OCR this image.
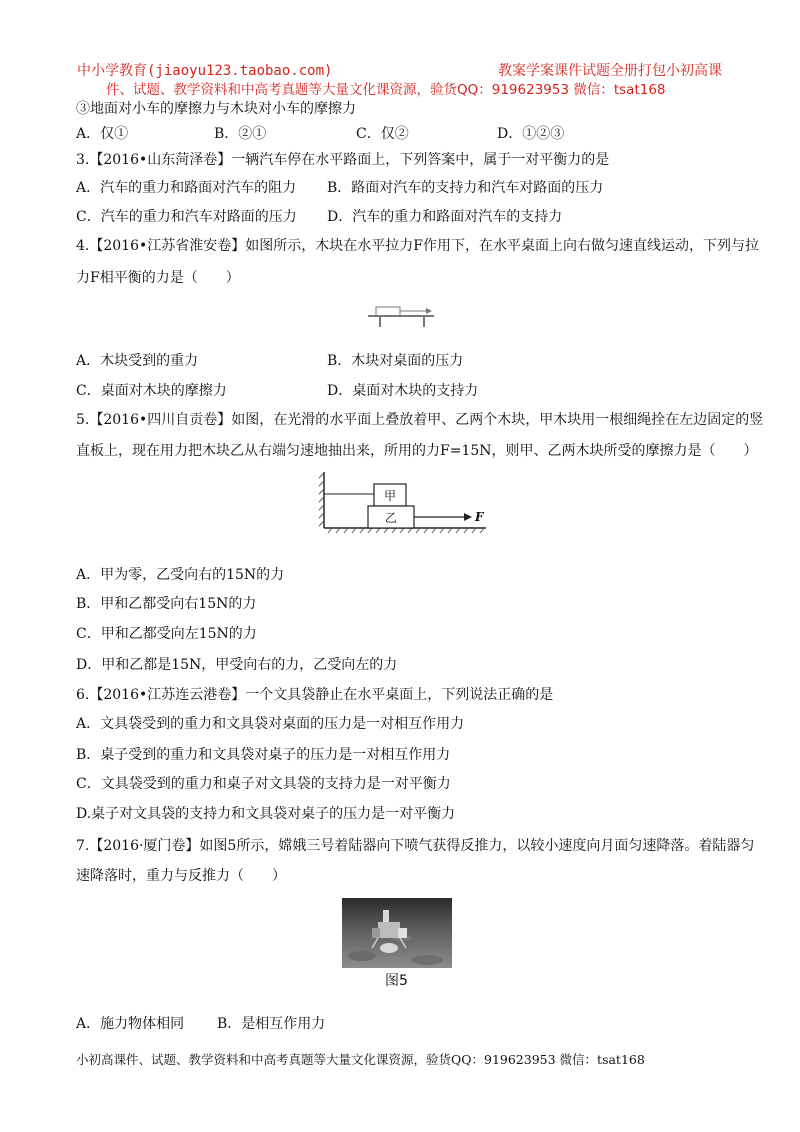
中小学教育(jiaoyu123.taobao.com)	教案学案课件试题全册打包小初高课
件、试题、教学资料和中高考真题等大量文化课资源，验货QQ：919623953 微信：tsat168
③地面对小车的摩擦力与木块对小车的摩擦力
A．仅①	B．②①	C．仅②	D．①②③
3.【2016•山东菏泽卷】一辆汽车停在水平路面上，下列答案中，属于一对平衡力的是
A．汽车的重力和路面对汽车的阻力 B．路面对汽车的支持力和汽车对路面的压力
C．汽车的重力和汽车对路面的压力 D．汽车的重力和路面对汽车的支持力
4.【2016•江苏省淮安卷】如图所示，木块在水平拉力F作用下，在水平桌面上向右做匀速直线运动，下列与拉
力F相平衡的力是（　　）
A．木块受到的重力	B．木块对桌面的压力
C．桌面对木块的摩擦力	D．桌面对木块的支持力
5.【2016•四川自贡卷】如图，在光滑的水平面上叠放着甲、乙两个木块，甲木块用一根细绳拴在左边固定的竖
直板上，现在用力把木块乙从右端匀速地抽出来，所用的力F=15N，则甲、乙两木块所受的摩擦力是（　　）
甲
乙	F
A．甲为零，乙受向右的15N的力
B．甲和乙都受向右15N的力
C．甲和乙都受向左15N的力
D．甲和乙都是15N，甲受向右的力，乙受向左的力
6.【2016•江苏连云港卷】一个文具袋静止在水平桌面上，下列说法正确的是
A．文具袋受到的重力和文具袋对桌面的压力是一对相互作用力
B．桌子受到的重力和文具袋对桌子的压力是一对相互作用力
C．文具袋受到的重力和桌子对文具袋的支持力是一对平衡力
D.桌子对文具袋的支持力和文具袋对桌子的压力是一对平衡力
7.【2016·厦门卷】如图5所示，嫦娥三号着陆器向下喷气获得反推力，以较小速度向月面匀速降落。着陆器匀
速降落时，重力与反推力（　　）
图5
A．施力物体相同 B．是相互作用力
小初高课件、试题、教学资料和中高考真题等大量文化课资源，验货QQ：919623953 微信：tsat168
